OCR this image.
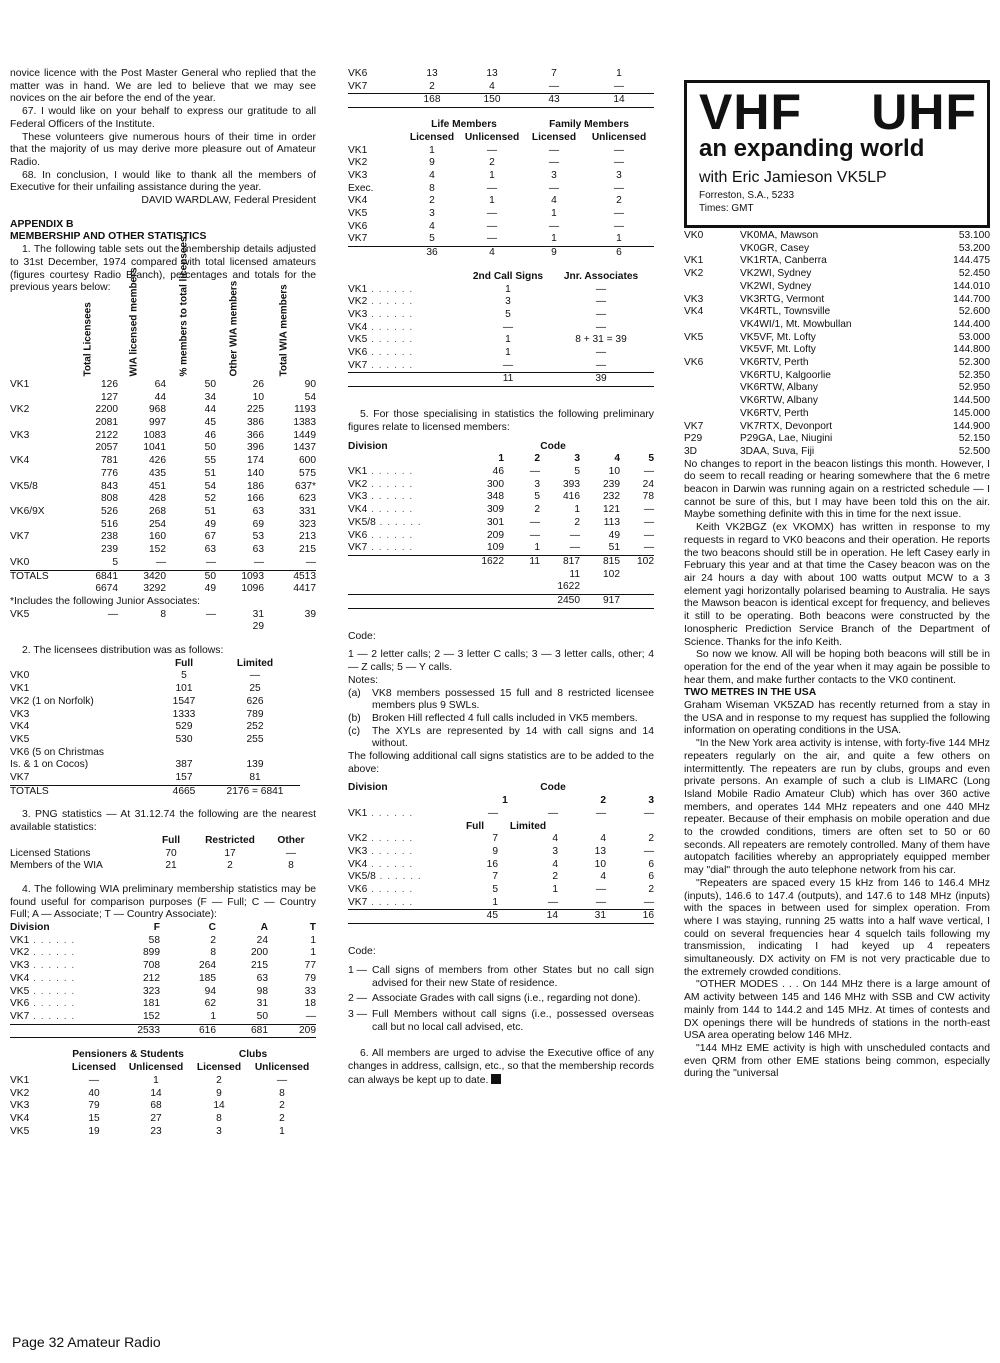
novice licence with the Post Master General who replied that the matter was in hand. We are led to believe that we may see novices on the air before the end of the year.

67. I would like on your behalf to express our gratitude to all Federal Officers of the Institute.

These volunteers give numerous hours of their time in order that the majority of us may derive more pleasure out of Amateur Radio.

68. In conclusion, I would like to thank all the members of Executive for their unfailing assistance during the year.

DAVID WARDLAW, Federal President

APPENDIX B
MEMBERSHIP AND OTHER STATISTICS

1. The following table sets out the membership details adjusted to 31st December, 1974 compared with total licensed amateurs (figures courtesy Radio Branch), percentages and totals for the previous years below:

	Total Licensees	WIA licensed members	% members to total licensees	Other WIA members	Total WIA members

VK1	126	64	50	26	90
	127	44	34	10	54
VK2	2200	968	44	225	1193
	2081	997	45	386	1383
VK3	2122	1083	46	366	1449
	2057	1041	50	396	1437
VK4	781	426	55	174	600
	776	435	51	140	575
VK5/8	843	451	54	186	637*
	808	428	52	166	623
VK6/9X	526	268	51	63	331
	516	254	49	69	323
VK7	238	160	67	53	213
	239	152	63	63	215
VK0	5	—	—	—	—
TOTALS	6841	3420	50	1093	4513
	6674	3292	49	1096	4417
*Includes the following Junior Associates:
VK5	—	8	—	31	39
				29	

2. The licensees distribution was as follows:

	Full	Limited
VK0	5	—
VK1	101	25
VK2 (1 on Norfolk)	1547	626
VK3	1333	789
VK4	529	252
VK5	530	255
VK6 (5 on Christmas		
Is. & 1 on Cocos)	387	139
VK7	157	81
TOTALS	4665	2176 = 6841

3. PNG statistics — At 31.12.74 the following are the nearest available statistics:

	Full	Restricted	Other
Licensed Stations	70	17	—
Members of the WIA	21	2	8

4. The following WIA preliminary membership statistics may be found useful for comparison purposes (F — Full; C — Country Full; A — Associate; T — Country Associate):

Division	F	C	A	T
VK1 . . . . . .	58	2	24	1
VK2 . . . . . .	899	8	200	1
VK3 . . . . . .	708	264	215	77
VK4 . . . . . .	212	185	63	79
VK5 . . . . . .	323	94	98	33
VK6 . . . . . .	181	62	31	18
VK7 . . . . . .	152	1	50	—
	2533	616	681	209
	Pensioners & Students		Clubs	
	Licensed	Unlicensed	Licensed	Unlicensed
VK1	—	1	2	—
VK2	40	14	9	8
VK3	79	68	14	2
VK4	15	27	8	2
VK5	19	23	3	1
VK6	13	13	7	1
VK7	2	4	—	—
	168	150	43	14
	Life Members		Family Members	
	Licensed	Unlicensed	Licensed	Unlicensed
VK1	1	—	—	—
VK2	9	2	—	—
VK3	4	1	3	3
Exec.	8	—	—	—
VK4	2	1	4	2
VK5	3	—	1	—
VK6	4	—	—	—
VK7	5	—	1	1
	36	4	9	6
	2nd Call Signs	Jnr. Associates
VK1 . . . . . .	1	—
VK2 . . . . . .	3	—
VK3 . . . . . .	5	—
VK4 . . . . . .	—	—
VK5 . . . . . .	1	8 + 31 = 39
VK6 . . . . . .	1	—
VK7 . . . . . .	—	—
	11	39

5. For those specialising in statistics the following preliminary figures relate to licensed members:

Division	Code				
	1	2	3	4	5
VK1 . . . . . .	46	—	5	10	—
VK2 . . . . . .	300	3	393	239	24
VK3 . . . . . .	348	5	416	232	78
VK4 . . . . . .	309	2	1	121	—
VK5/8 . . . . . .	301	—	2	113	—
VK6 . . . . . .	209	—	—	49	—
VK7 . . . . . .	109	1	—	51	—
	1622	11	817	815	102
			11	102	
			1622		
			2450	917	
Code:

1 — 2 letter calls; 2 — 3 letter C calls; 3 — 3 letter calls, other; 4 — Z calls; 5 — Y calls.

Notes:
(a)	VK8 members possessed 15 full and 8 restricted licensee members plus 9 SWLs.
(b)	Broken Hill reflected 4 full calls included in VK5 members.
(c)	The XYLs are represented by 14 with call signs and 14 without.

The following additional call signs statistics are to be added to the above:

Division	Code			
	1		2	3
VK1 . . . . . .	—	—	—	—
	Full	Limited		
VK2 . . . . . .	7	4	4	2
VK3 . . . . . .	9	3	13	—
VK4 . . . . . .	16	4	10	6
VK5/8 . . . . . .	7	2	4	6
VK6 . . . . . .	5	1	—	2
VK7 . . . . . .	1	—	—	—
	45	14	31	16
Code:
1 — Call signs of members from other States but no call sign advised for their new State of residence.
2 — Associate Grades with call signs (i.e., regarding not done).
3 — Full Members without call signs (i.e., possessed overseas call but no local call advised, etc.

6. All members are urged to advise the Executive office of any changes in address, callsign, etc., so that the membership records can always be kept up to date.

VHF UHF
an expanding world
with Eric Jamieson VK5LP
Forreston, S.A., 5233
Times: GMT
VK0	VK0MA, Mawson	53.100
	VK0GR, Casey	53.200
VK1	VK1RTA, Canberra	144.475
VK2	VK2WI, Sydney	52.450
	VK2WI, Sydney	144.010
VK3	VK3RTG, Vermont	144.700
VK4	VK4RTL, Townsville	52.600
	VK4WI/1, Mt. Mowbullan	144.400
VK5	VK5VF, Mt. Lofty	53.000
	VK5VF, Mt. Lofty	144.800
VK6	VK6RTV, Perth	52.300
	VK6RTU, Kalgoorlie	52.350
	VK6RTW, Albany	52.950
	VK6RTW, Albany	144.500
	VK6RTV, Perth	145.000
VK7	VK7RTX, Devonport	144.900
P29	P29GA, Lae, Niugini	52.150
3D	3DAA, Suva, Fiji	52.500

No changes to report in the beacon listings this month. However, I do seem to recall reading or hearing somewhere that the 6 metre beacon in Darwin was running again on a restricted schedule — I cannot be sure of this, but I may have been told this on the air. Maybe something definite with this in time for the next issue.

Keith VK2BGZ (ex VKOMX) has written in response to my requests in regard to VK0 beacons and their operation. He reports the two beacons should still be in operation. He left Casey early in February this year and at that time the Casey beacon was on the air 24 hours a day with about 100 watts output MCW to a 3 element yagi horizontally polarised beaming to Australia. He says the Mawson beacon is identical except for frequency, and believes it still to be operating. Both beacons were constructed by the Ionospheric Prediction Service Branch of the Department of Science. Thanks for the info Keith.

So now we know. All will be hoping both beacons will still be in operation for the end of the year when it may again be possible to hear them, and make further contacts to the VK0 continent.

TWO METRES IN THE USA

Graham Wiseman VK5ZAD has recently returned from a stay in the USA and in response to my request has supplied the following information on operating conditions in the USA.

"In the New York area activity is intense, with forty-five 144 MHz repeaters regularly on the air, and quite a few others on intermittently. The repeaters are run by clubs, groups and even private persons. An example of such a club is LIMARC (Long Island Mobile Radio Amateur Club) which has over 360 active members, and operates 144 MHz repeaters and one 440 MHz repeater. Because of their emphasis on mobile operation and due to the crowded conditions, timers are often set to 50 or 60 seconds. All repeaters are remotely controlled. Many of them have autopatch facilities whereby an appropriately equipped member may "dial" through the auto telephone network from his car.

"Repeaters are spaced every 15 kHz from 146 to 146.4 MHz (inputs), 146.6 to 147.4 (outputs), and 147.6 to 148 MHz (inputs) with the spaces in between used for simplex operation. From where I was staying, running 25 watts into a half wave vertical, I could on several frequencies hear 4 squelch tails following my transmission, indicating I had keyed up 4 repeaters simultaneously. DX activity on FM is not very practicable due to the extremely crowded conditions.

"OTHER MODES . . . On 144 MHz there is a large amount of AM activity between 145 and 146 MHz with SSB and CW activity mainly from 144 to 144.2 and 145 MHz. At times of contests and DX openings there will be hundreds of stations in the north-east USA area operating below 146 MHz.

"144 MHz EME activity is high with unscheduled contacts and even QRM from other EME stations being common, especially during the "universal

Page 32 Amateur Radio
